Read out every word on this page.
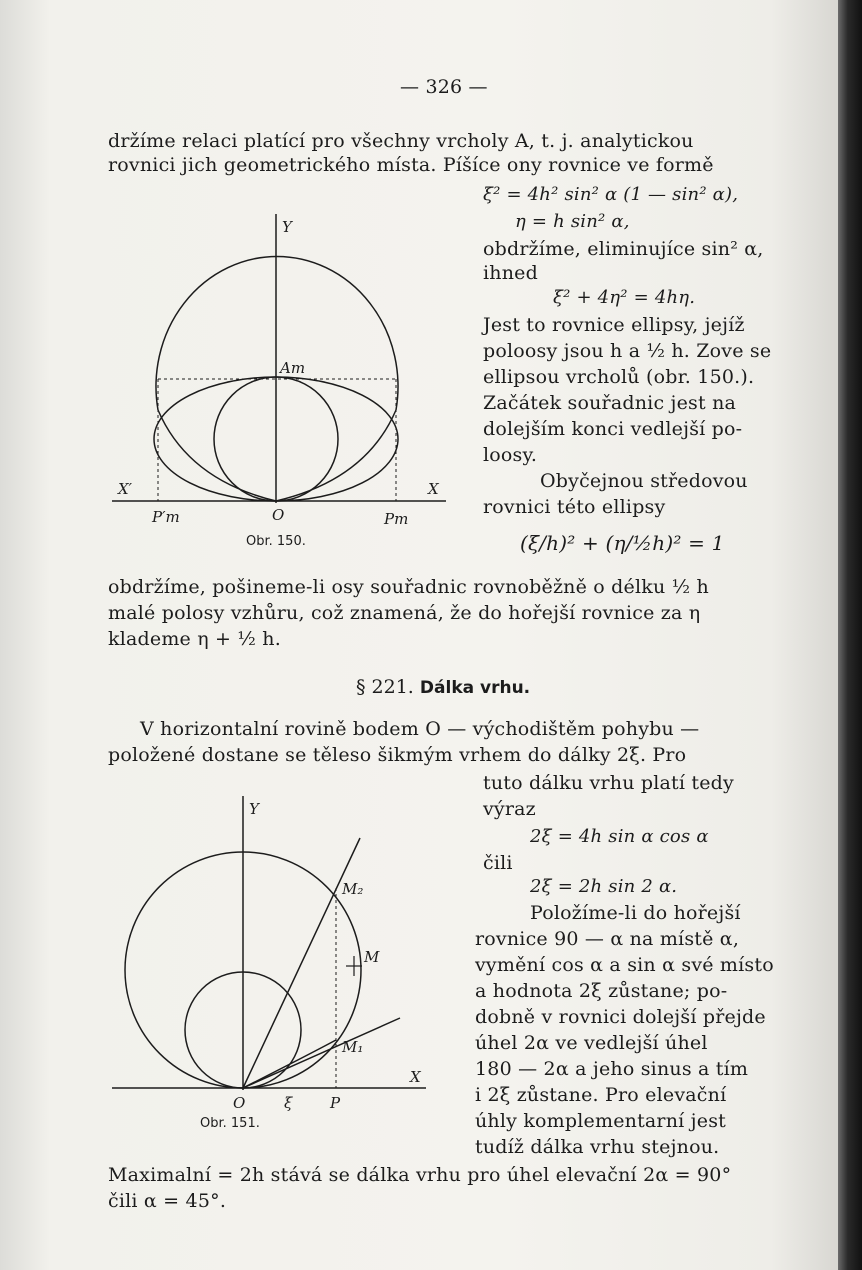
— 326 —
držíme relaci platící pro všechny vrcholy A, t. j. analytickou
rovnici jich geometrického místa. Píšíce ony rovnice ve formě
ξ² = 4h² sin² α (1 — sin² α),
η = h sin² α,
obdržíme, eliminujíce sin² α,
ihned
ξ² + 4η² = 4hη.
Jest to rovnice ellipsy, jejíž
poloosy jsou h a ½ h. Zove se
ellipsou vrcholů (obr. 150.).
Začátek souřadnic jest na
dolejším konci vedlejší po-
loosy.
Obyčejnou středovou
rovnici této ellipsy
(ξ/h)² + (η/½h)² = 1
Y
Am
X′	X
P′m	O	Pm
Obr. 150.
obdržíme, pošineme-li osy souřadnic rovnoběžně o délku ½ h
malé polosy vzhůru, což znamená, že do hořejší rovnice za η
klademe η + ½ h.
§ 221. Dálka vrhu.
V horizontalní rovině bodem O — východištěm pohybu —
položené dostane se těleso šikmým vrhem do dálky 2ξ. Pro
tuto dálku vrhu platí tedy
výraz
2ξ = 4h sin α cos α
čili
2ξ = 2h sin 2 α.
Položíme-li do hořejší
rovnice 90 — α na místě α,
vymění cos α a sin α své místo
a hodnota 2ξ zůstane; po-
dobně v rovnici dolejší přejde
úhel 2α ve vedlejší úhel
180 — 2α a jeho sinus a tím
i 2ξ zůstane. Pro elevační
úhly komplementarní jest
tudíž dálka vrhu stejnou.
Y
M₂
M
M₁
X
O	ξ	P
Obr. 151.
Maximalní = 2h stává se dálka vrhu pro úhel elevační 2α = 90°
čili α = 45°.
